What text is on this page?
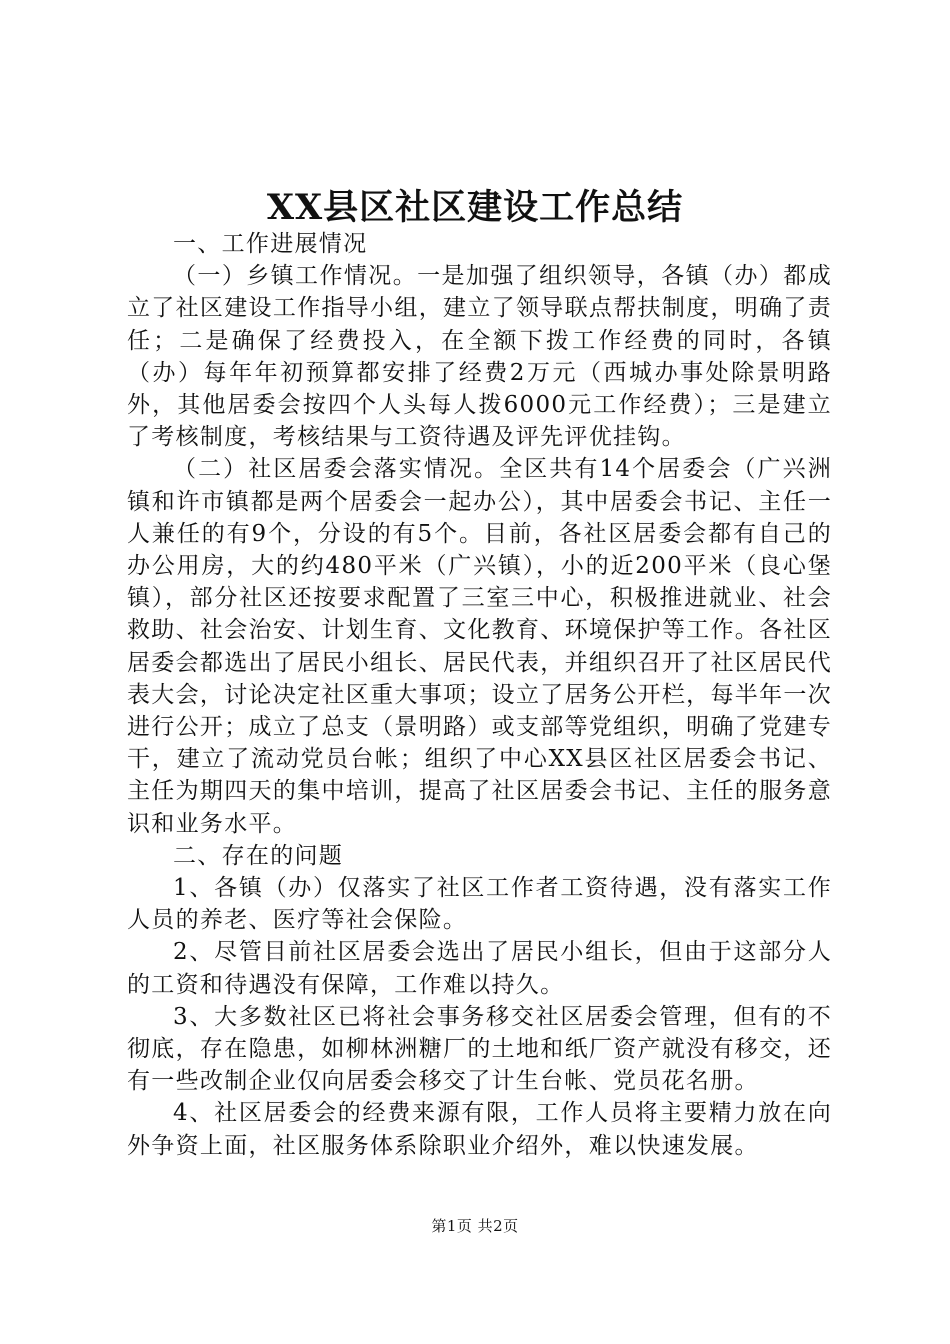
XX县区社区建设工作总结

一、工作进展情况

（一）乡镇工作情况。一是加强了组织领导，各镇（办）都成立了社区建设工作指导小组，建立了领导联点帮扶制度，明确了责任；二是确保了经费投入，在全额下拨工作经费的同时，各镇（办）每年年初预算都安排了经费2万元（西城办事处除景明路外，其他居委会按四个人头每人拨6000元工作经费）；三是建立了考核制度，考核结果与工资待遇及评先评优挂钩。

（二）社区居委会落实情况。全区共有14个居委会（广兴洲镇和许市镇都是两个居委会一起办公），其中居委会书记、主任一人兼任的有9个，分设的有5个。目前，各社区居委会都有自己的办公用房，大的约480平米（广兴镇），小的近200平米（良心堡镇），部分社区还按要求配置了三室三中心，积极推进就业、社会救助、社会治安、计划生育、文化教育、环境保护等工作。各社区居委会都选出了居民小组长、居民代表，并组织召开了社区居民代表大会，讨论决定社区重大事项；设立了居务公开栏，每半年一次进行公开；成立了总支（景明路）或支部等党组织，明确了党建专干，建立了流动党员台帐；组织了中心XX县区社区居委会书记、主任为期四天的集中培训，提高了社区居委会书记、主任的服务意识和业务水平。

二、存在的问题

1、各镇（办）仅落实了社区工作者工资待遇，没有落实工作人员的养老、医疗等社会保险。

2、尽管目前社区居委会选出了居民小组长，但由于这部分人的工资和待遇没有保障，工作难以持久。

3、大多数社区已将社会事务移交社区居委会管理，但有的不彻底，存在隐患，如柳林洲糖厂的土地和纸厂资产就没有移交，还有一些改制企业仅向居委会移交了计生台帐、党员花名册。

4、社区居委会的经费来源有限，工作人员将主要精力放在向外争资上面，社区服务体系除职业介绍外，难以快速发展。

第1页 共2页
